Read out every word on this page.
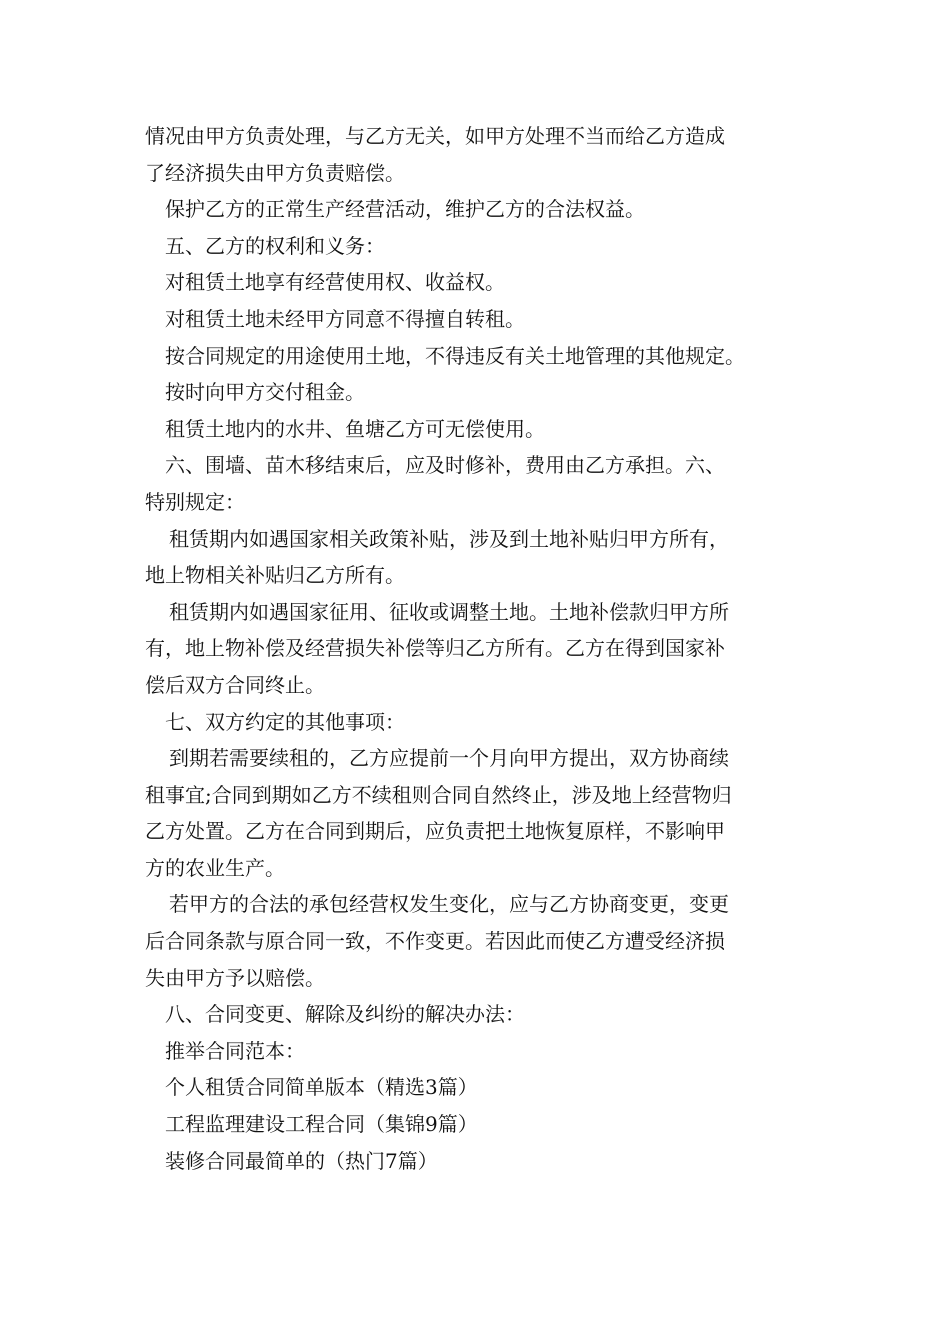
情况由甲方负责处理，与乙方无关，如甲方处理不当而给乙方造成
了经济损失由甲方负责赔偿。
保护乙方的正常生产经营活动，维护乙方的合法权益。
五、乙方的权利和义务：
对租赁土地享有经营使用权、收益权。
对租赁土地未经甲方同意不得擅自转租。
按合同规定的用途使用土地，不得违反有关土地管理的其他规定。
按时向甲方交付租金。
租赁土地内的水井、鱼塘乙方可无偿使用。
六、围墙、苗木移结束后，应及时修补，费用由乙方承担。六、
特别规定：
租赁期内如遇国家相关政策补贴，涉及到土地补贴归甲方所有，
地上物相关补贴归乙方所有。
租赁期内如遇国家征用、征收或调整土地。土地补偿款归甲方所
有，地上物补偿及经营损失补偿等归乙方所有。乙方在得到国家补
偿后双方合同终止。
七、双方约定的其他事项：
到期若需要续租的，乙方应提前一个月向甲方提出，双方协商续
租事宜;合同到期如乙方不续租则合同自然终止，涉及地上经营物归
乙方处置。乙方在合同到期后，应负责把土地恢复原样，不影响甲
方的农业生产。
若甲方的合法的承包经营权发生变化，应与乙方协商变更，变更
后合同条款与原合同一致，不作变更。若因此而使乙方遭受经济损
失由甲方予以赔偿。
八、合同变更、解除及纠纷的解决办法：
推举合同范本：
个人租赁合同简单版本（精选3篇）
工程监理建设工程合同（集锦9篇）
装修合同最简单的（热门7篇）
